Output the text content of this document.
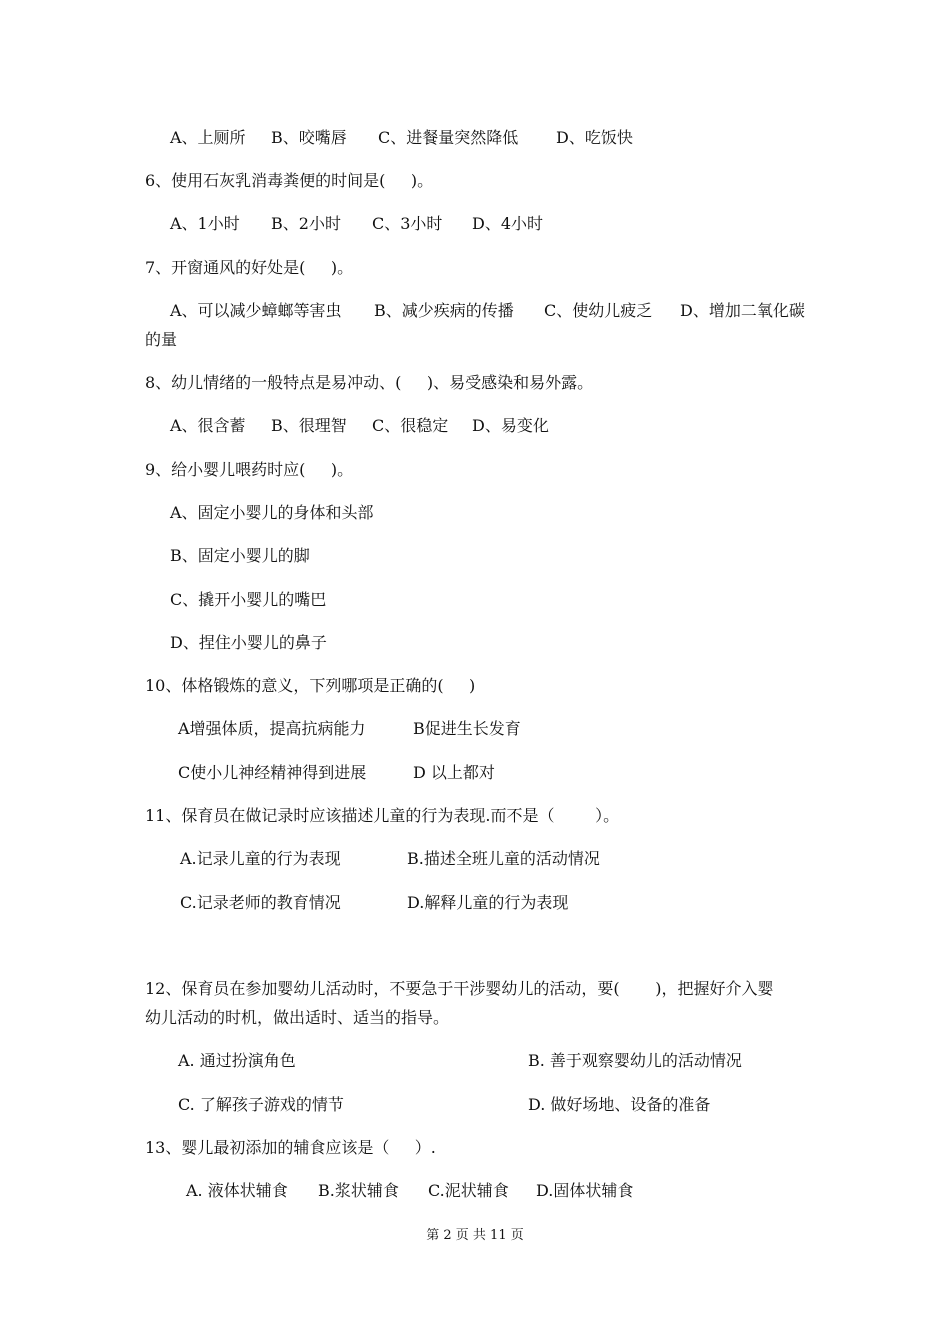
A、上厕所 B、咬嘴唇 C、进餐量突然降低 D、吃饭快
6、使用石灰乳消毒粪便的时间是(     )。
A、1小时 B、2小时 C、3小时 D、4小时
7、开窗通风的好处是(     )。
A、可以减少蟑螂等害虫 B、减少疾病的传播 C、使幼儿疲乏 D、增加二氧化碳
的量
8、幼儿情绪的一般特点是易冲动、(     )、易受感染和易外露。
A、很含蓄 B、很理智 C、很稳定 D、易变化
9、给小婴儿喂药时应(     )。
A、固定小婴儿的身体和头部
B、固定小婴儿的脚
C、撬开小婴儿的嘴巴
D、捏住小婴儿的鼻子
10、体格锻炼的意义，下列哪项是正确的(     )
A增强体质，提高抗病能力	B促进生长发育
C使小儿神经精神得到进展	D 以上都对
11、保育员在做记录时应该描述儿童的行为表现.而不是（        ）。
A.记录儿童的行为表现	B.描述全班儿童的活动情况
C.记录老师的教育情况	D.解释儿童的行为表现
12、保育员在参加婴幼儿活动时，不要急于干涉婴幼儿的活动，要(       )，把握好介入婴
幼儿活动的时机，做出适时、适当的指导。
A. 通过扮演角色	B. 善于观察婴幼儿的活动情况
C. 了解孩子游戏的情节	D. 做好场地、设备的准备
13、婴儿最初添加的辅食应该是（     ）.
A. 液体状辅食 B.浆状辅食 C.泥状辅食 D.固体状辅食
第 2 页 共 11 页
